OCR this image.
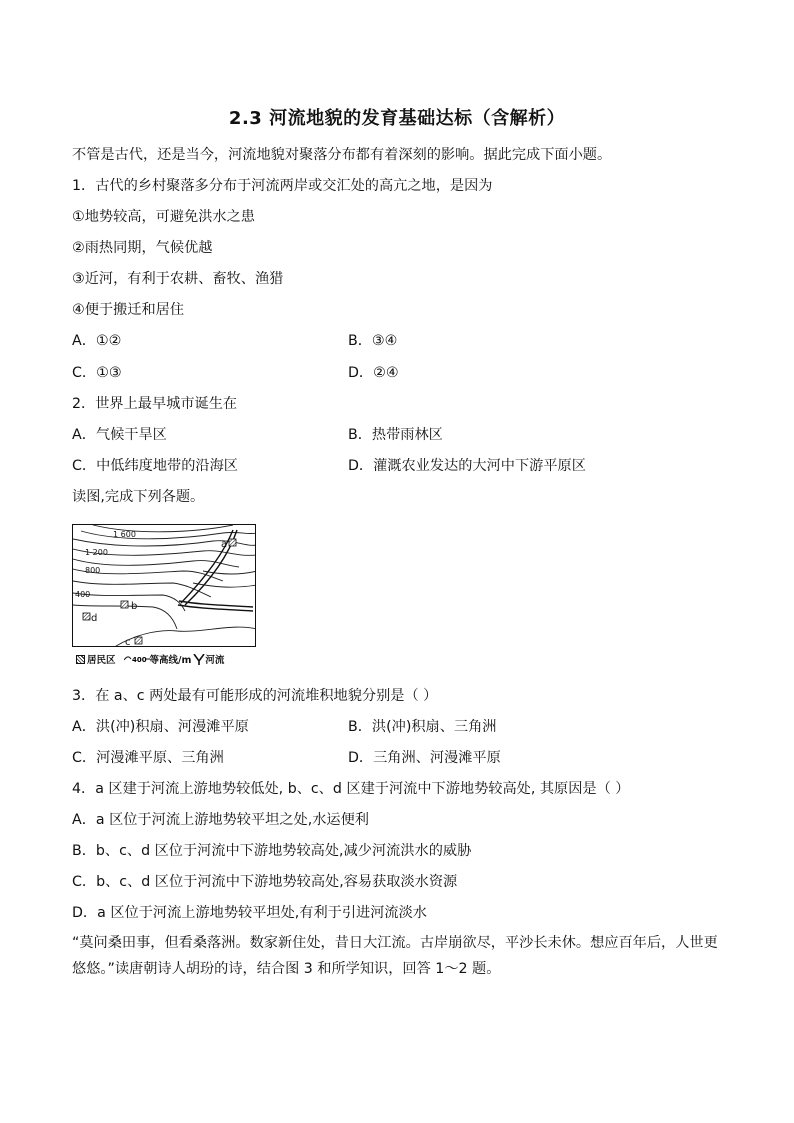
2.3 河流地貌的发育基础达标（含解析）
不管是古代，还是当今，河流地貌对聚落分布都有着深刻的影响。据此完成下面小题。
1．古代的乡村聚落多分布于河流两岸或交汇处的高亢之地，是因为
①地势较高，可避免洪水之患
②雨热同期，气候优越
③近河，有利于农耕、畜牧、渔猎
④便于搬迁和居住
A．①②	B．③④
C．①③	D．②④
2．世界上最早城市诞生在
A．气候干旱区	B．热带雨林区
C．中低纬度地带的沿海区	D．灌溉农业发达的大河中下游平原区
读图,完成下列各题。
1 600
1 200
800
400
a
b
c
d
居民区 400 等高线/m 河流
3．在 a、c 两处最有可能形成的河流堆积地貌分别是（ ）
A．洪(冲)积扇、河漫滩平原	B．洪(冲)积扇、三角洲
C．河漫滩平原、三角洲	D．三角洲、河漫滩平原
4．a 区建于河流上游地势较低处, b、c、d 区建于河流中下游地势较高处, 其原因是（ ）
A．a 区位于河流上游地势较平坦之处,水运便利
B．b、c、d 区位于河流中下游地势较高处,减少河流洪水的威胁
C．b、c、d 区位于河流中下游地势较高处,容易获取淡水资源
D．a 区位于河流上游地势较平坦处,有利于引进河流淡水
“莫问桑田事，但看桑落洲。数家新住处，昔日大江流。古岸崩欲尽，平沙长未休。想应百年后，人世更悠悠。”读唐朝诗人胡玢的诗，结合图 3 和所学知识，回答 1～2 题。
